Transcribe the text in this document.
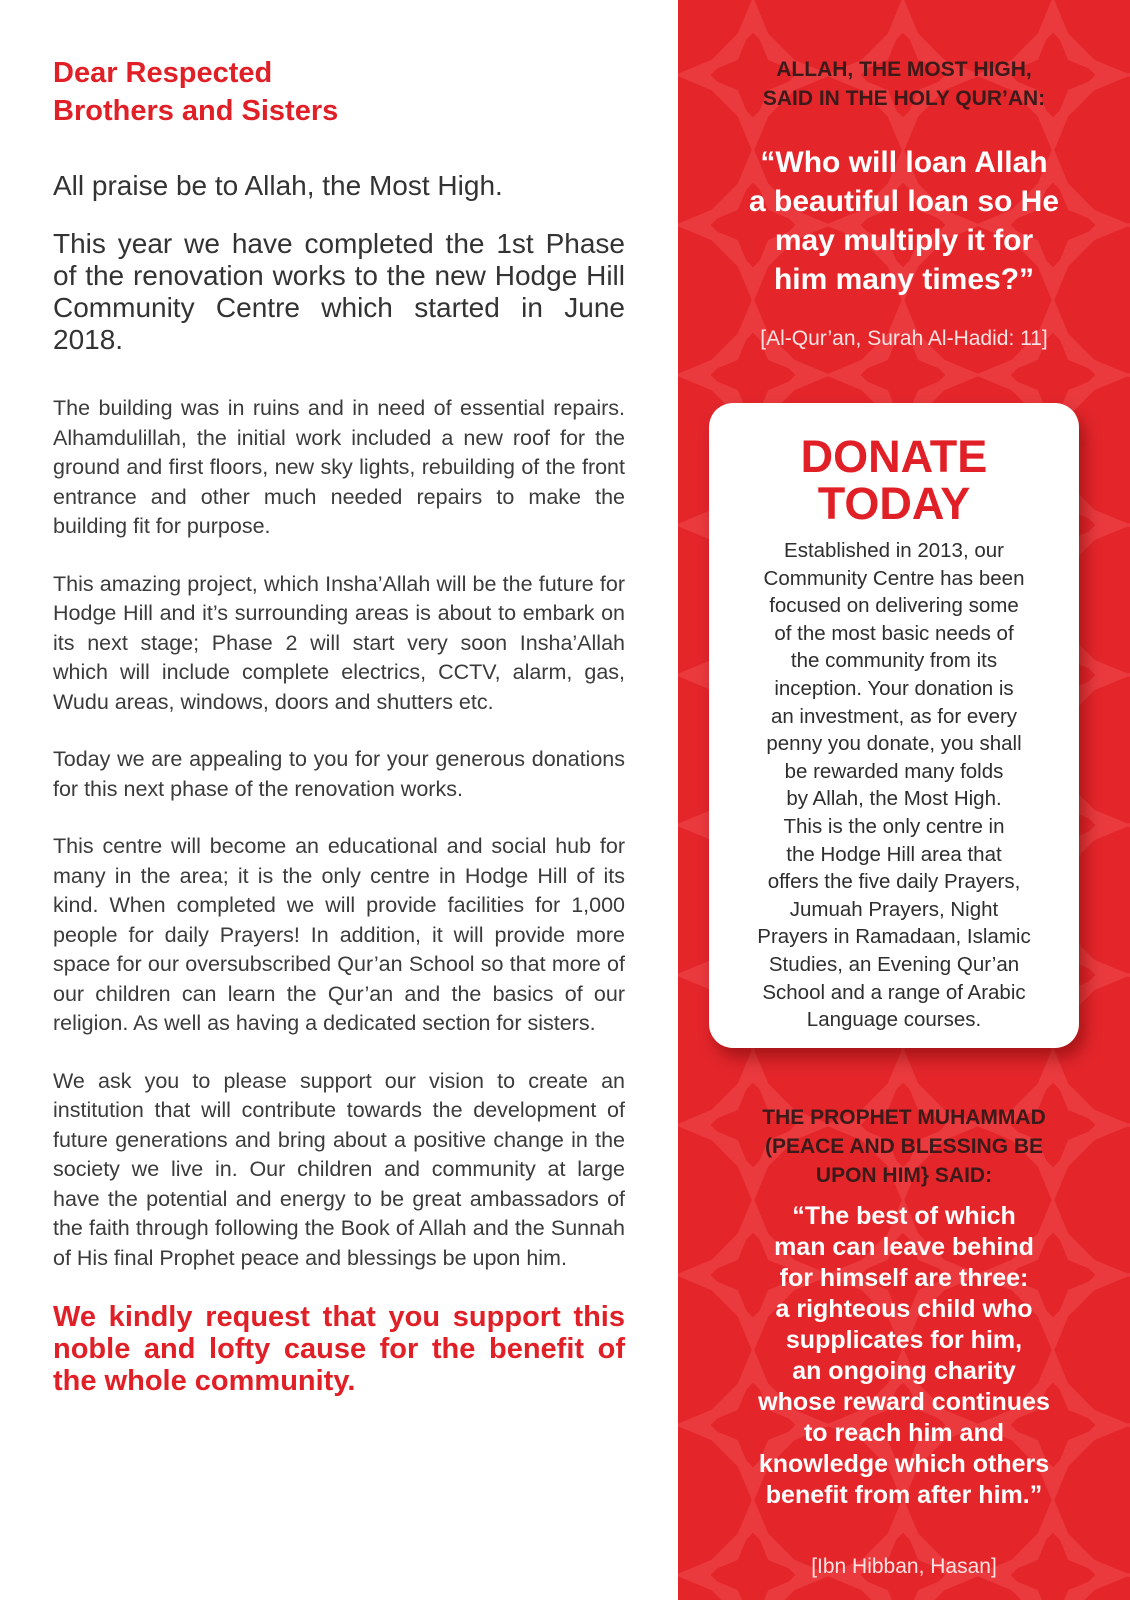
Dear Respected
Brothers and Sisters

All praise be to Allah, the Most High.

This year we have completed the 1st Phase of the renovation works to the new Hodge Hill Community Centre which started in June 2018.

The building was in ruins and in need of essential repairs. Alhamdulillah, the initial work included a new roof for the ground and first floors, new sky lights, rebuilding of the front entrance and other much needed repairs to make the building fit for purpose.

This amazing project, which Insha’Allah will be the future for Hodge Hill and it’s surrounding areas is about to embark on its next stage; Phase 2 will start very soon Insha’Allah which will include complete electrics, CCTV, alarm, gas, Wudu areas, windows, doors and shutters etc.

Today we are appealing to you for your generous donations for this next phase of the renovation works.

This centre will become an educational and social hub for many in the area; it is the only centre in Hodge Hill of its kind. When completed we will provide facilities for 1,000 people for daily Prayers! In addition, it will provide more space for our oversubscribed Qur’an School so that more of our children can learn the Qur’an and the basics of our religion. As well as having a dedicated section for sisters.

We ask you to please support our vision to create an institution that will contribute towards the development of future generations and bring about a positive change in the society we live in. Our children and community at large have the potential and energy to be great ambassadors of the faith through following the Book of Allah and the Sunnah of His final Prophet peace and blessings be upon him.

We kindly request that you support this noble and lofty cause for the benefit of the whole community.

ALLAH, THE MOST HIGH,
SAID IN THE HOLY QUR’AN:
“Who will loan Allah
a beautiful loan so He
may multiply it for
him many times?”
[Al-Qur’an, Surah Al-Hadid: 11]
DONATE
TODAY
Established in 2013, our
Community Centre has been
focused on delivering some
of the most basic needs of
the community from its
inception. Your donation is
an investment, as for every
penny you donate, you shall
be rewarded many folds
by Allah, the Most High.
This is the only centre in
the Hodge Hill area that
offers the five daily Prayers,
Jumuah Prayers, Night
Prayers in Ramadaan, Islamic
Studies, an Evening Qur’an
School and a range of Arabic
Language courses.
THE PROPHET MUHAMMAD
(PEACE AND BLESSING BE
UPON HIM} SAID:
“The best of which
man can leave behind
for himself are three:
a righteous child who
supplicates for him,
an ongoing charity
whose reward continues
to reach him and
knowledge which others
benefit from after him.”
[Ibn Hibban, Hasan]
